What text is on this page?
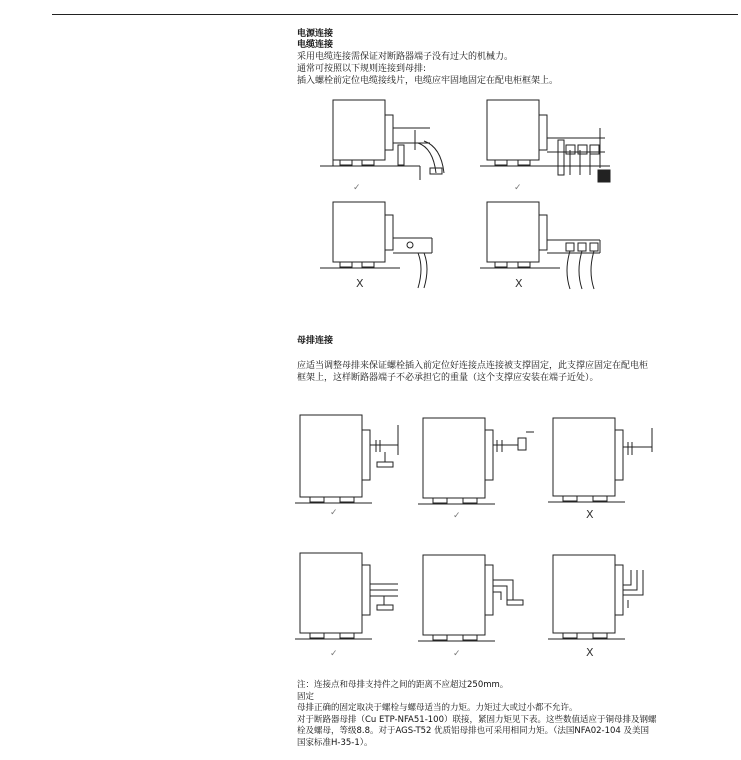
电源连接
电缆连接

采用电缆连接需保证对断路器端子没有过大的机械力。

通常可按照以下规则连接到母排:

插入螺栓前定位电缆接线片，电缆应牢固地固定在配电柜框架上。

✓	✓
X	X
母排连接

应适当调整母排来保证螺栓插入前定位好连接点连接被支撑固定，此支撑应固定在配电柜框架上，这样断路器端子不必承担它的重量（这个支撑应安装在端子近处）。

✓	✓	X
✓	✓	X

注：连接点和母排支持件之间的距离不应超过250mm。

固定

母排正确的固定取决于螺栓与螺母适当的力矩。力矩过大或过小都不允许。

对于断路器母排（Cu ETP-NFA51-100）联接，紧固力矩见下表。这些数值适应于铜母排及钢螺栓及螺母，等级8.8。对于AGS-T52 优质铝母排也可采用相同力矩。（法国NFA02-104 及美国国家标准H-35-1）。
